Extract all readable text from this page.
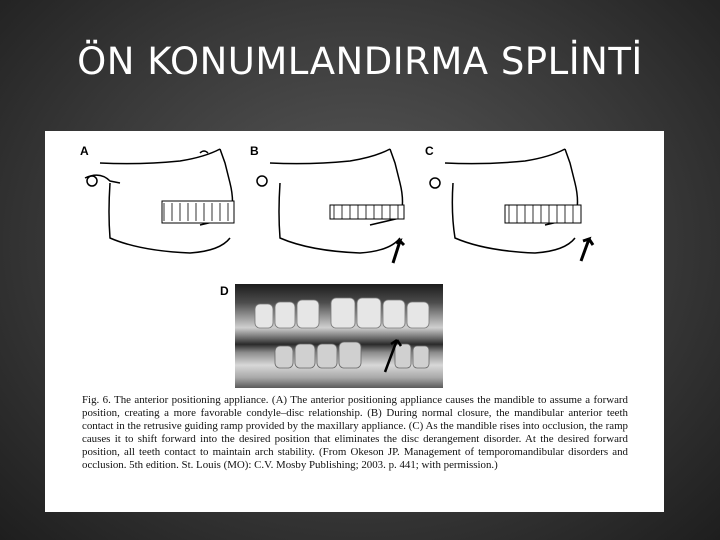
ÖN KONUMLANDIRMA SPLİNTİ
A	B	C
D
Fig. 6. The anterior positioning appliance. (A) The anterior positioning appliance causes the mandible to assume a forward position, creating a more favorable condyle–disc relationship. (B) During normal closure, the mandibular anterior teeth contact in the retrusive guiding ramp provided by the maxillary appliance. (C) As the mandible rises into occlusion, the ramp causes it to shift forward into the desired position that eliminates the disc derangement disorder. At the desired forward position, all teeth contact to maintain arch stability. (From Okeson JP. Management of temporomandibular disorders and occlusion. 5th edition. St. Louis (MO): C.V. Mosby Publishing; 2003. p. 441; with permission.)
